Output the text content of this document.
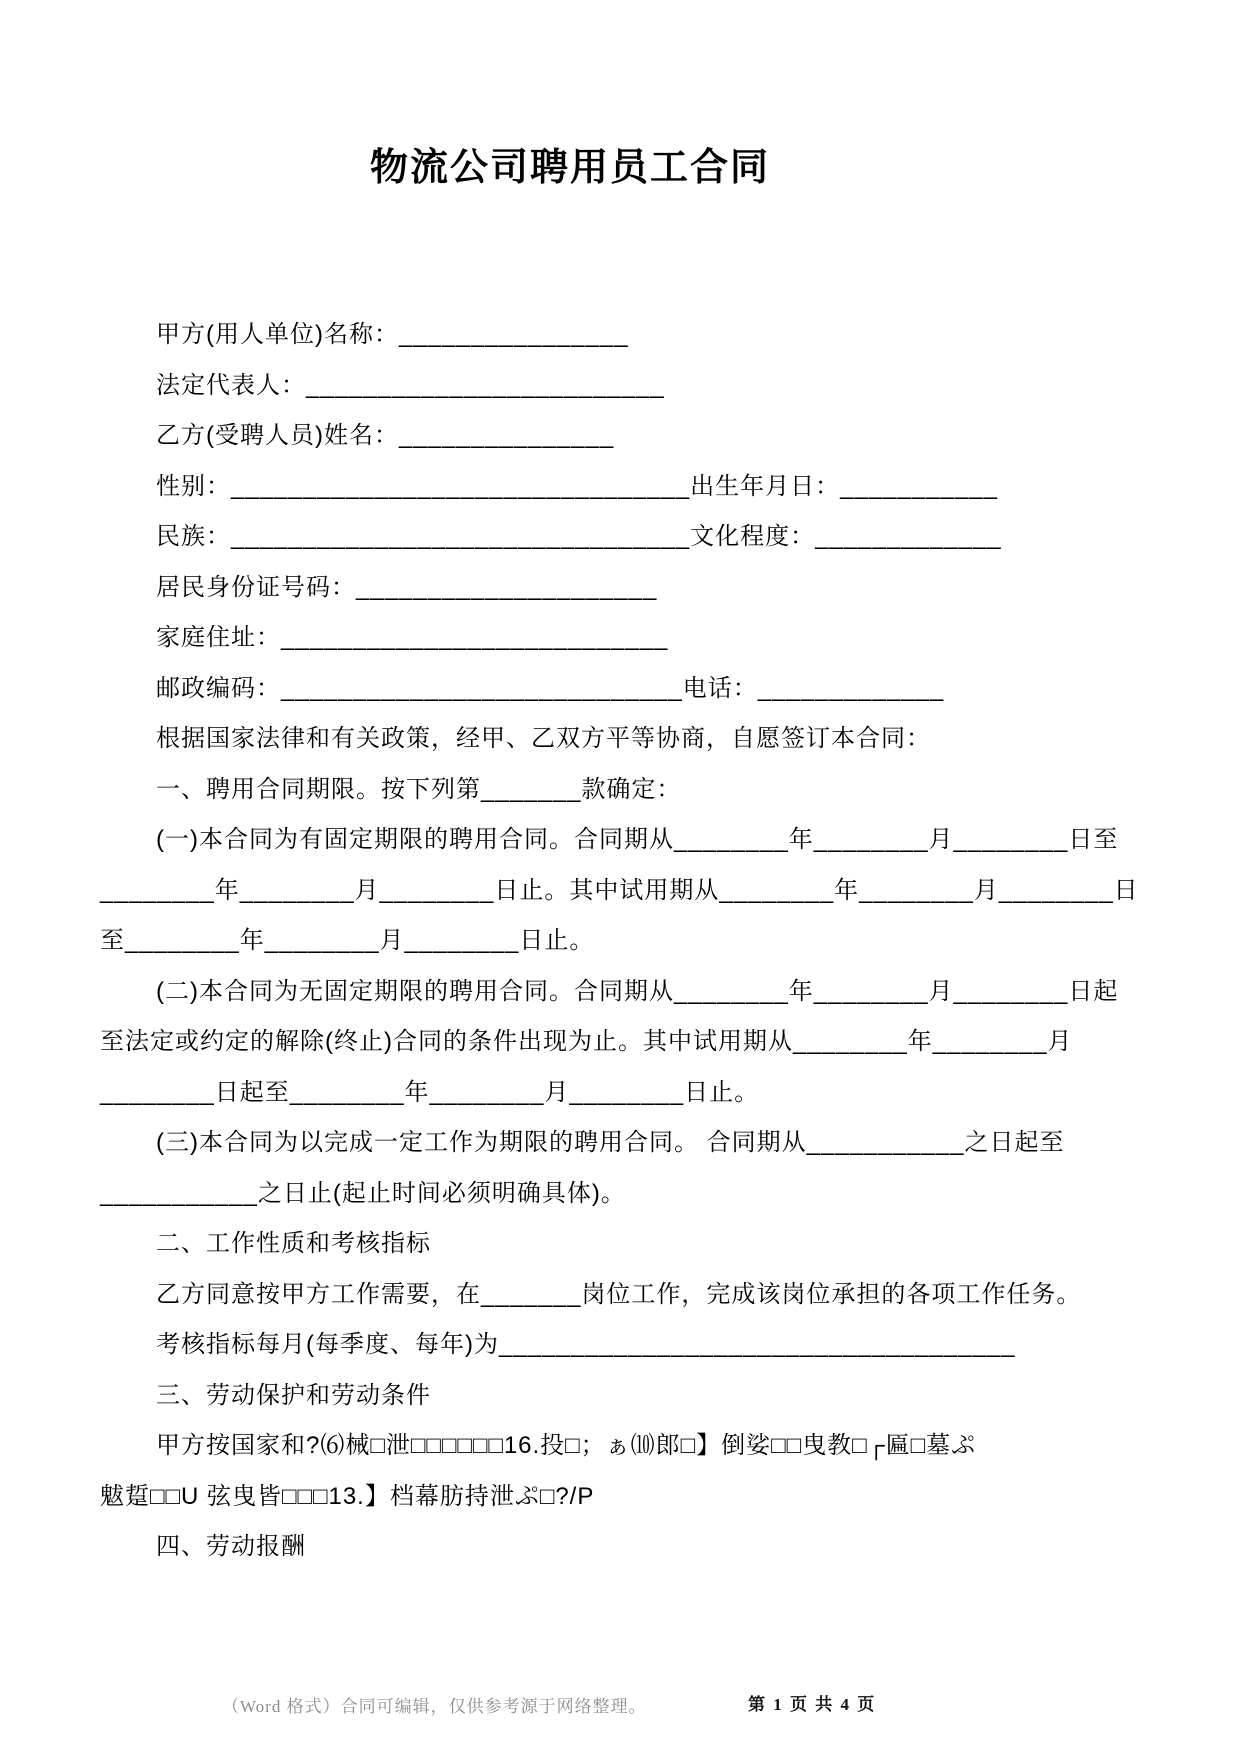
物流公司聘用员工合同
甲方(用人单位)名称：________________
法定代表人：_________________________
乙方(受聘人员)姓名：_______________
性别：________________________________出生年月日：___________
民族：________________________________文化程度：_____________
居民身份证号码：_____________________
家庭住址：___________________________
邮政编码：____________________________电话：_____________
根据国家法律和有关政策，经甲、乙双方平等协商，自愿签订本合同：
一、聘用合同期限。按下列第_______款确定：
(一)本合同为有固定期限的聘用合同。合同期从________年________月________日至
________年________月________日止。其中试用期从________年________月________日
至________年________月________日止。
(二)本合同为无固定期限的聘用合同。合同期从________年________月________日起
至法定或约定的解除(终止)合同的条件出现为止。其中试用期从________年________月
________日起至________年________月________日止。
(三)本合同为以完成一定工作为期限的聘用合同。 合同期从___________之日起至
___________之日止(起止时间必须明确具体)。
二、工作性质和考核指标
乙方同意按甲方工作需要，在_______岗位工作，完成该岗位承担的各项工作任务。
考核指标每月(每季度、每年)为____________________________________
三、劳动保护和劳动条件
甲方按国家和?⑹械□泄□□□□□□16.投□；ぁ⑽郎□】倒娑□□曳教□┌匾□墓ぷ
魃踅□□U 弦曳皆□□□13.】档幕肪持泄ぷ□?/P
四、劳动报酬
（Word 格式）合同可编辑，仅供参考源于网络整理。	第 1 页 共 4 页
